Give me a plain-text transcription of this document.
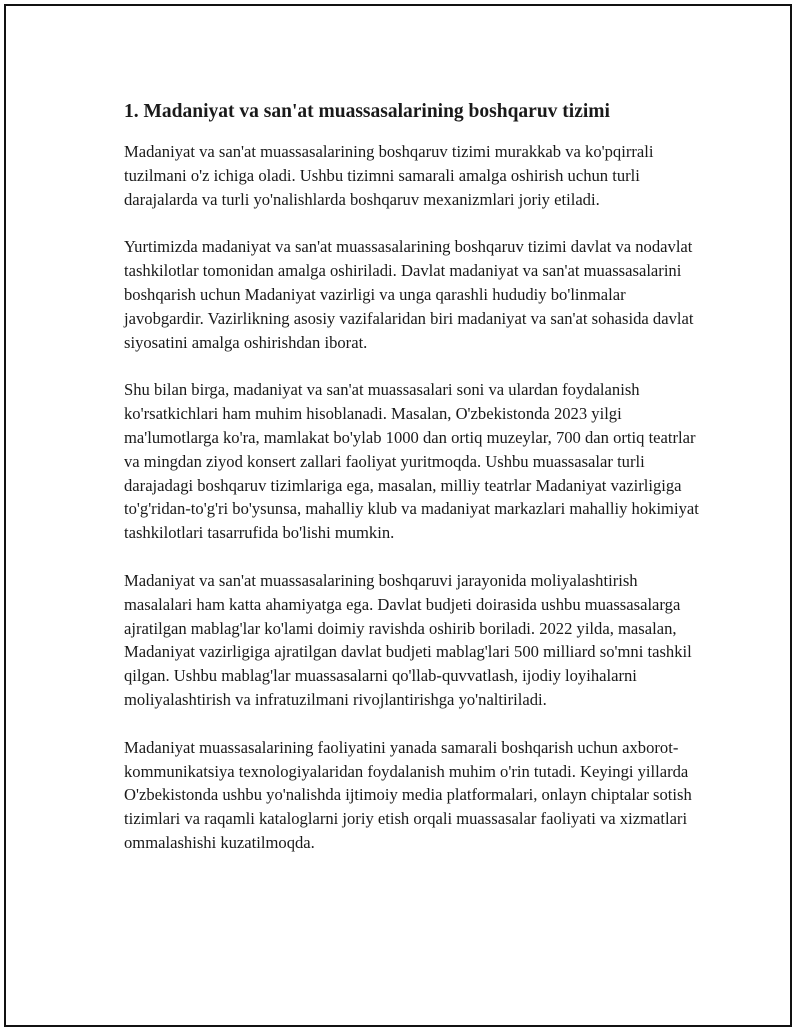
1. Madaniyat va san'at muassasalarining boshqaruv tizimi

Madaniyat va san'at muassasalarining boshqaruv tizimi murakkab va ko'pqirrali tuzilmani o'z ichiga oladi. Ushbu tizimni samarali amalga oshirish uchun turli darajalarda va turli yo'nalishlarda boshqaruv mexanizmlari joriy etiladi.

Yurtimizda madaniyat va san'at muassasalarining boshqaruv tizimi davlat va nodavlat tashkilotlar tomonidan amalga oshiriladi. Davlat madaniyat va san'at muassasalarini boshqarish uchun Madaniyat vazirligi va unga qarashli hududiy bo'linmalar javobgardir. Vazirlikning asosiy vazifalaridan biri madaniyat va san'at sohasida davlat siyosatini amalga oshirishdan iborat.

Shu bilan birga, madaniyat va san'at muassasalari soni va ulardan foydalanish ko'rsatkichlari ham muhim hisoblanadi. Masalan, O'zbekistonda 2023 yilgi ma'lumotlarga ko'ra, mamlakat bo'ylab 1000 dan ortiq muzeylar, 700 dan ortiq teatrlar va mingdan ziyod konsert zallari faoliyat yuritmoqda. Ushbu muassasalar turli darajadagi boshqaruv tizimlariga ega, masalan, milliy teatrlar Madaniyat vazirligiga to'g'ridan-to'g'ri bo'ysunsa, mahalliy klub va madaniyat markazlari mahalliy hokimiyat tashkilotlari tasarrufida bo'lishi mumkin.

Madaniyat va san'at muassasalarining boshqaruvi jarayonida moliyalashtirish masalalari ham katta ahamiyatga ega. Davlat budjeti doirasida ushbu muassasalarga ajratilgan mablag'lar ko'lami doimiy ravishda oshirib boriladi. 2022 yilda, masalan, Madaniyat vazirligiga ajratilgan davlat budjeti mablag'lari 500 milliard so'mni tashkil qilgan. Ushbu mablag'lar muassasalarni qo'llab-quvvatlash, ijodiy loyihalarni moliyalashtirish va infratuzilmani rivojlantirishga yo'naltiriladi.

Madaniyat muassasalarining faoliyatini yanada samarali boshqarish uchun axborot-kommunikatsiya texnologiyalaridan foydalanish muhim o'rin tutadi. Keyingi yillarda O'zbekistonda ushbu yo'nalishda ijtimoiy media platformalari, onlayn chiptalar sotish tizimlari va raqamli kataloglarni joriy etish orqali muassasalar faoliyati va xizmatlari ommalashishi kuzatilmoqda.
